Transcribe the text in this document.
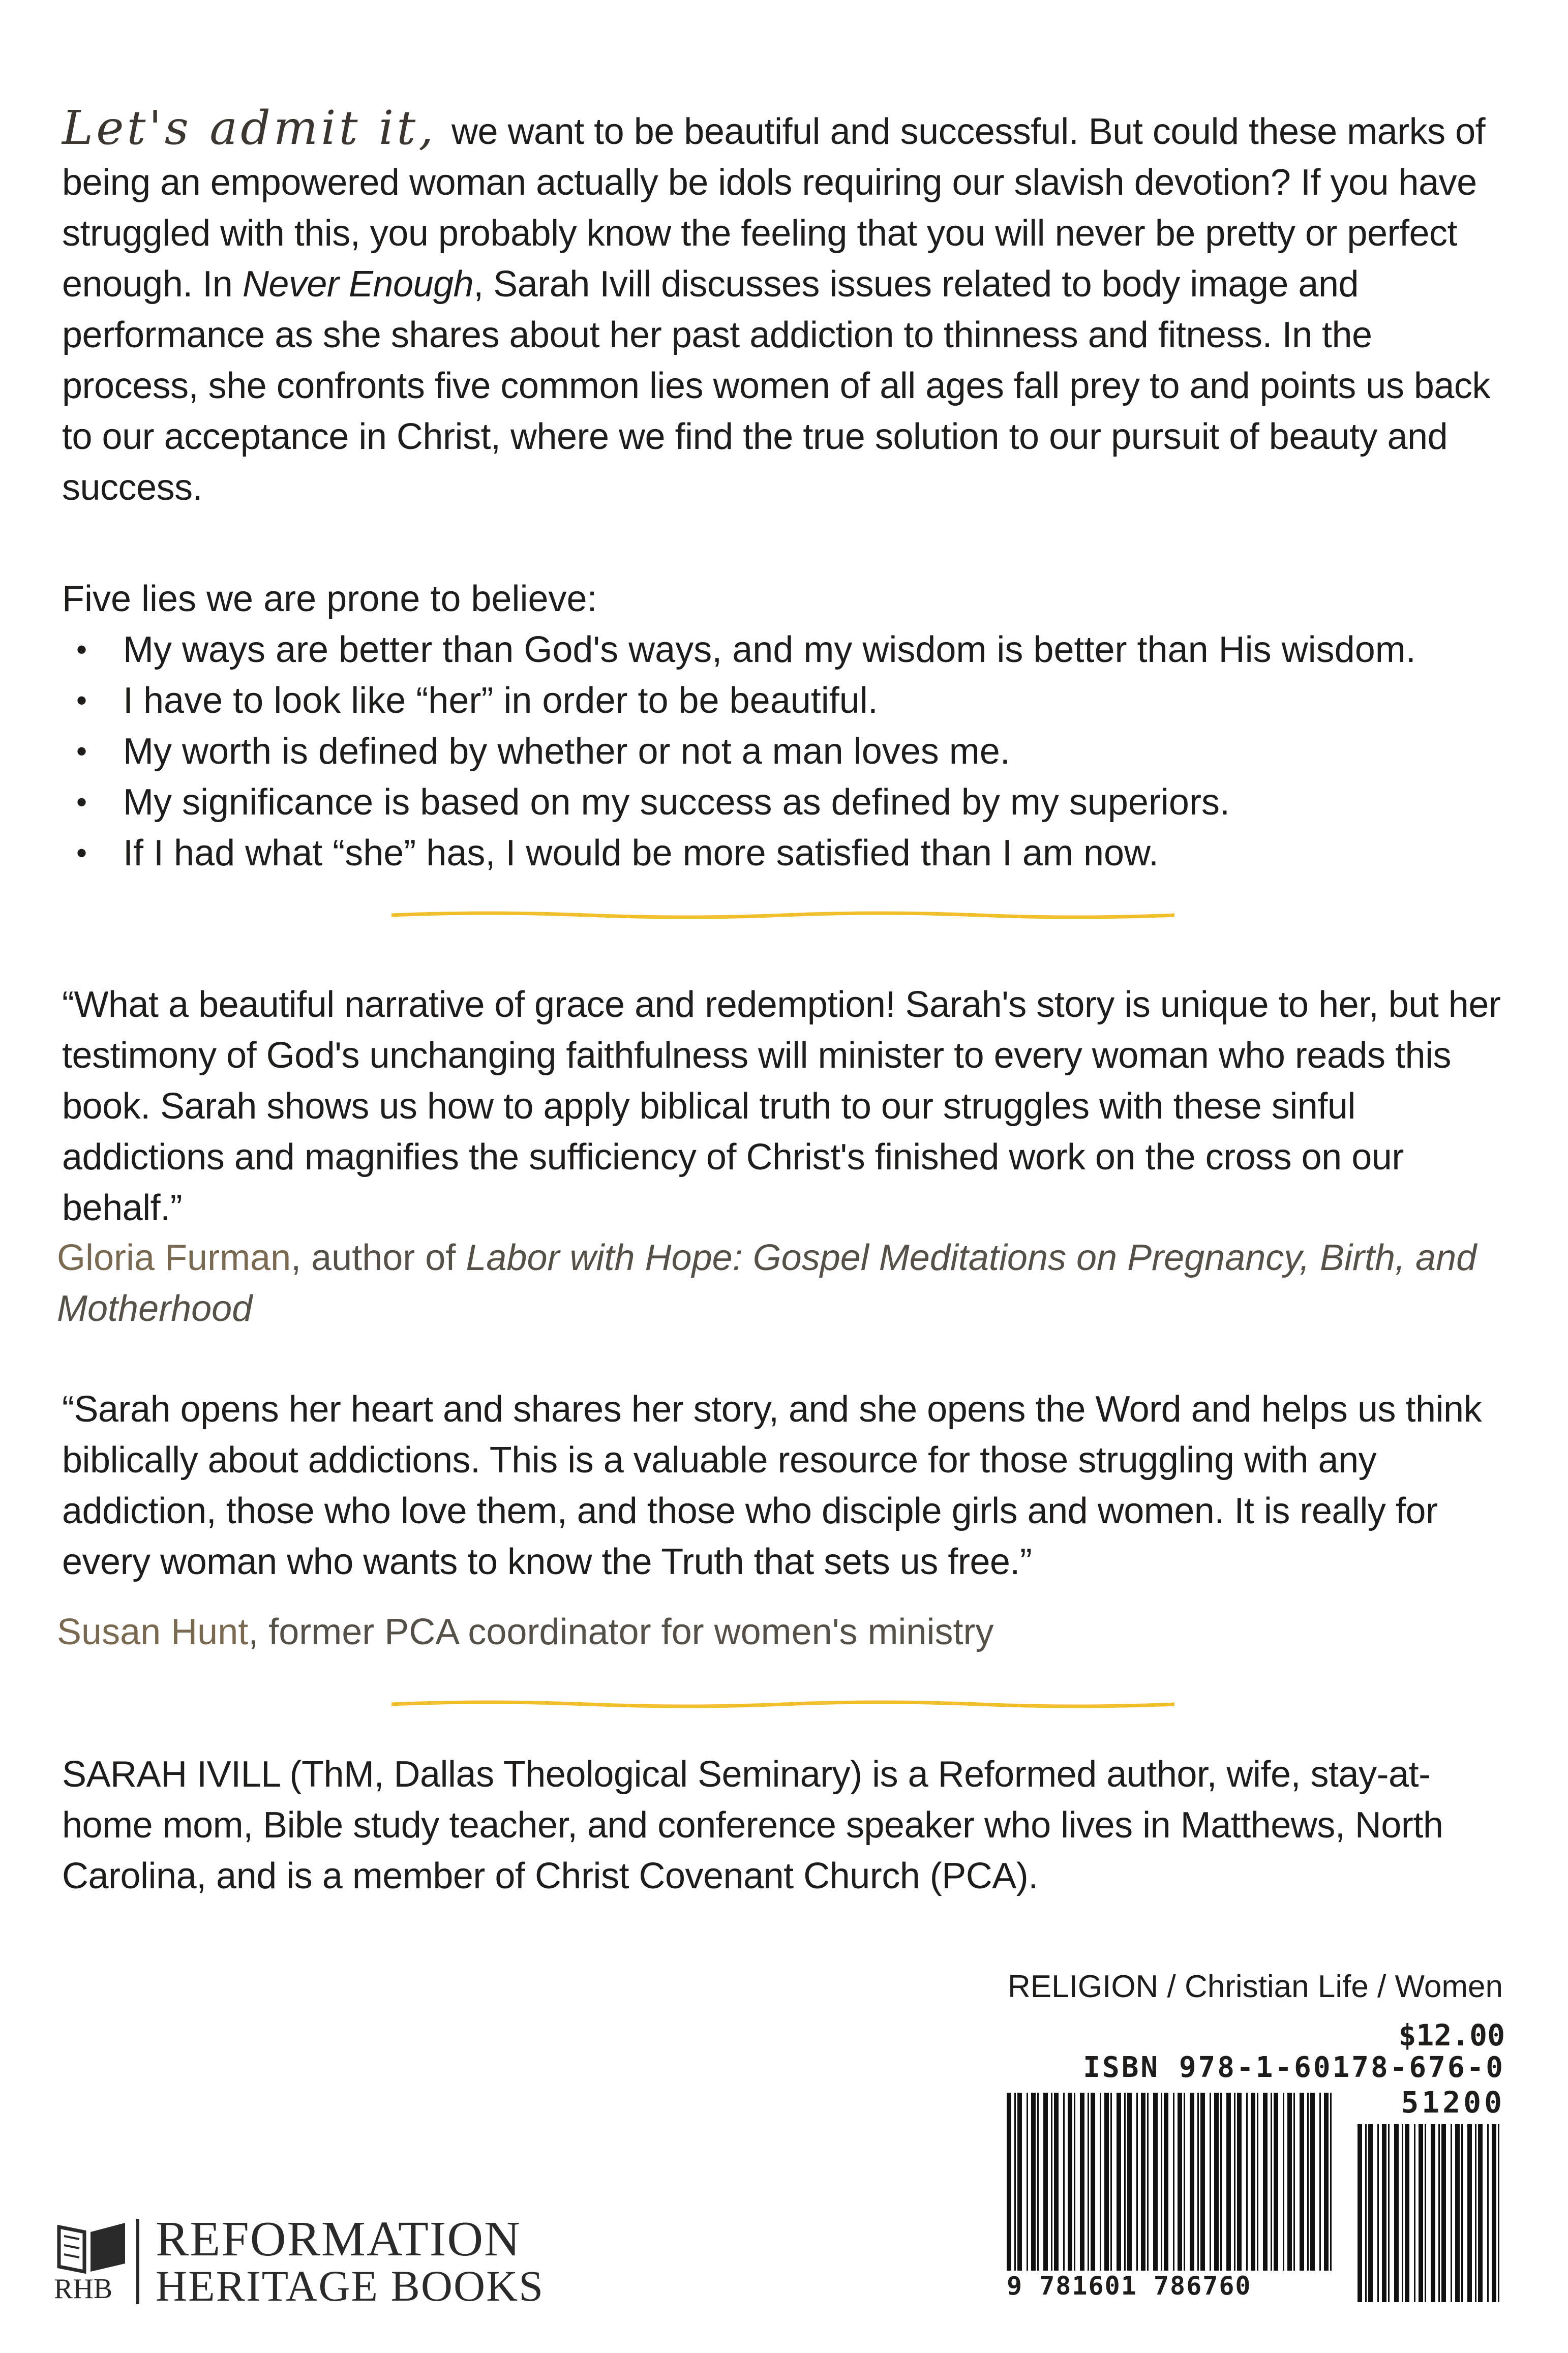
Let's admit it, we want to be beautiful and successful. But could these marks of being an empowered woman actually be idols requiring our slavish devotion? If you have struggled with this, you probably know the feeling that you will never be pretty or perfect enough. In Never Enough, Sarah Ivill discusses issues related to body image and performance as she shares about her past addiction to thinness and fitness. In the process, she confronts five common lies women of all ages fall prey to and points us back to our acceptance in Christ, where we find the true solution to our pursuit of beauty and success.
Five lies we are prone to believe:
• My ways are better than God's ways, and my wisdom is better than His wisdom.
• I have to look like “her” in order to be beautiful.
• My worth is defined by whether or not a man loves me.
• My significance is based on my success as defined by my superiors.
• If I had what “she” has, I would be more satisfied than I am now.
“What a beautiful narrative of grace and redemption! Sarah's story is unique to her, but her testimony of God's unchanging faithfulness will minister to every woman who reads this book. Sarah shows us how to apply biblical truth to our struggles with these sinful addictions and magnifies the sufficiency of Christ's finished work on the cross on our behalf.”
Gloria Furman, author of Labor with Hope: Gospel Meditations on Pregnancy, Birth, and Motherhood
“Sarah opens her heart and shares her story, and she opens the Word and helps us think biblically about addictions. This is a valuable resource for those struggling with any addiction, those who love them, and those who disciple girls and women. It is really for every woman who wants to know the Truth that sets us free.”
Susan Hunt, former PCA coordinator for women's ministry
SARAH IVILL (ThM, Dallas Theological Seminary) is a Reformed author, wife, stay-at-home mom, Bible study teacher, and conference speaker who lives in Matthews, North Carolina, and is a member of Christ Covenant Church (PCA).
RELIGION / Christian Life / Women
$12.00
ISBN 978-1-60178-676-0
51200
9 781601 786760
RHB
REFORMATION
HERITAGE BOOKS
